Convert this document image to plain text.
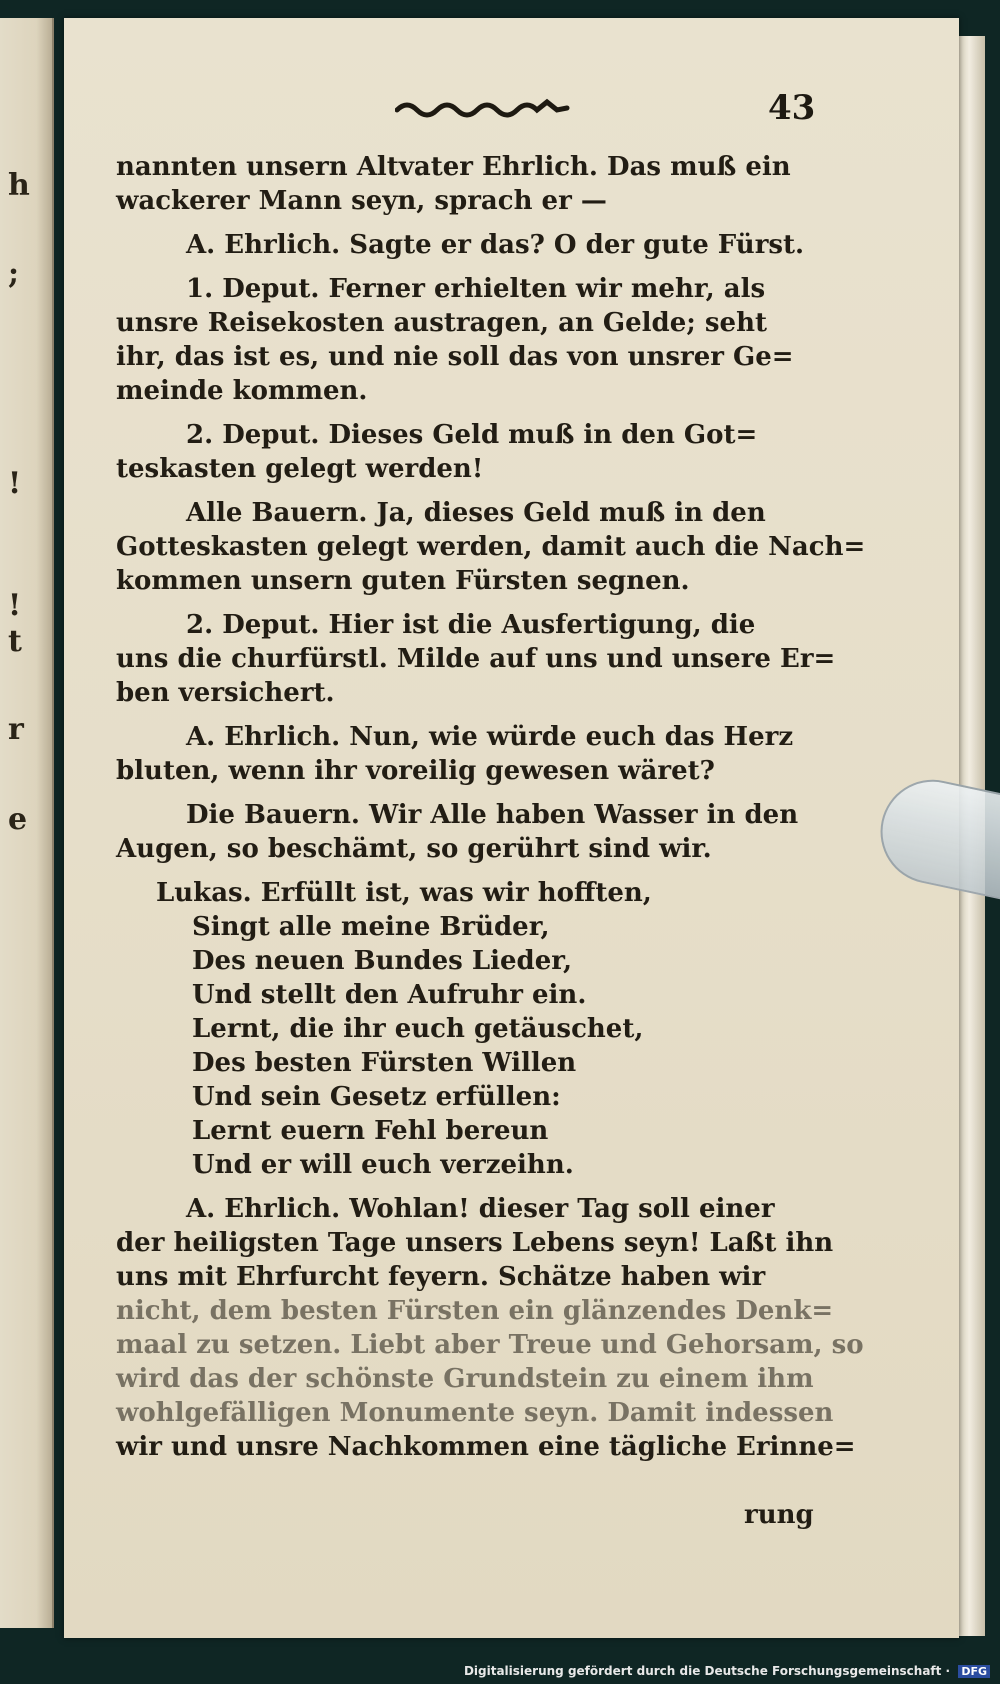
h
;
!
!
t
r
e
43
nannten unsern Altvater Ehrlich. Das muß ein
wackerer Mann seyn, sprach er —
A. Ehrlich. Sagte er das? O der gute Fürst.
1. Deput. Ferner erhielten wir mehr, als
unsre Reisekosten austragen, an Gelde; seht
ihr, das ist es, und nie soll das von unsrer Ge=
meinde kommen.
2. Deput. Dieses Geld muß in den Got=
teskasten gelegt werden!
Alle Bauern. Ja, dieses Geld muß in den
Gotteskasten gelegt werden, damit auch die Nach=
kommen unsern guten Fürsten segnen.
2. Deput. Hier ist die Ausfertigung, die
uns die churfürstl. Milde auf uns und unsere Er=
ben versichert.
A. Ehrlich. Nun, wie würde euch das Herz
bluten, wenn ihr voreilig gewesen wäret?
Die Bauern. Wir Alle haben Wasser in den
Augen, so beschämt, so gerührt sind wir.
Lukas. Erfüllt ist, was wir hofften,
Singt alle meine Brüder,
Des neuen Bundes Lieder,
Und stellt den Aufruhr ein.
Lernt, die ihr euch getäuschet,
Des besten Fürsten Willen
Und sein Gesetz erfüllen:
Lernt euern Fehl bereun
Und er will euch verzeihn.
A. Ehrlich. Wohlan! dieser Tag soll einer
der heiligsten Tage unsers Lebens seyn! Laßt ihn
uns mit Ehrfurcht feyern. Schätze haben wir
nicht, dem besten Fürsten ein glänzendes Denk=
maal zu setzen. Liebt aber Treue und Gehorsam, so
wird das der schönste Grundstein zu einem ihm
wohlgefälligen Monumente seyn. Damit indessen
wir und unsre Nachkommen eine tägliche Erinne=
rung
Digitalisierung gefördert durch die Deutsche Forschungsgemeinschaft · DFG
